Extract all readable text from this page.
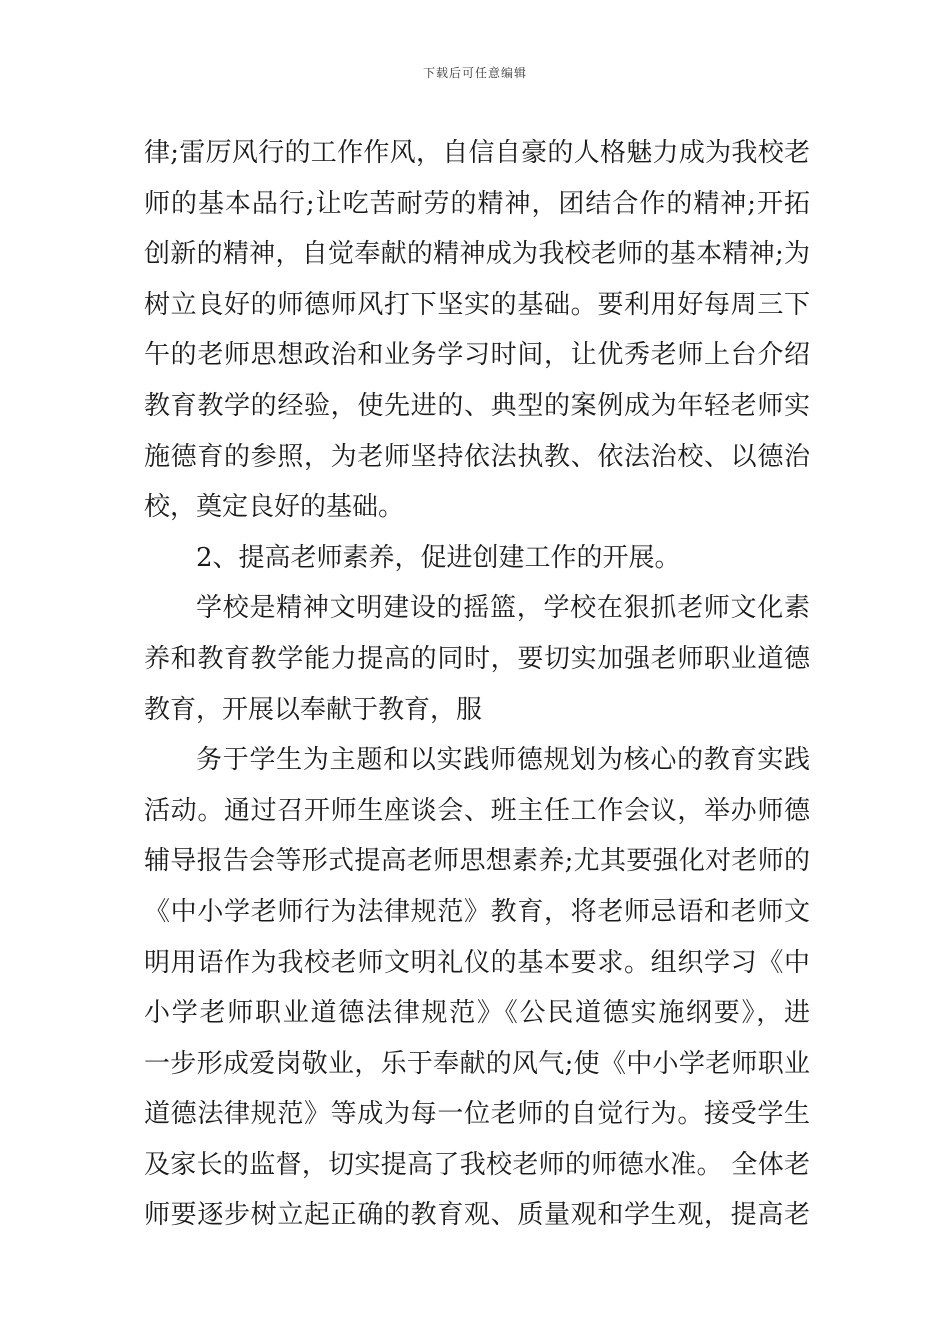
下载后可任意编辑
律;雷厉风行的工作作风，自信自豪的人格魅力成为我校老
师的基本品行;让吃苦耐劳的精神，团结合作的精神;开拓
创新的精神，自觉奉献的精神成为我校老师的基本精神;为
树立良好的师德师风打下坚实的基础。要利用好每周三下
午的老师思想政治和业务学习时间，让优秀老师上台介绍
教育教学的经验，使先进的、典型的案例成为年轻老师实
施德育的参照，为老师坚持依法执教、依法治校、以德治
校，奠定良好的基础。
2、提高老师素养，促进创建工作的开展。
学校是精神文明建设的摇篮，学校在狠抓老师文化素
养和教育教学能力提高的同时，要切实加强老师职业道德
教育，开展以奉献于教育，服
务于学生为主题和以实践师德规划为核心的教育实践
活动。通过召开师生座谈会、班主任工作会议，举办师德
辅导报告会等形式提高老师思想素养;尤其要强化对老师的
《中小学老师行为法律规范》教育，将老师忌语和老师文
明用语作为我校老师文明礼仪的基本要求。组织学习《中
小学老师职业道德法律规范》《公民道德实施纲要》，进
一步形成爱岗敬业，乐于奉献的风气;使《中小学老师职业
道德法律规范》等成为每一位老师的自觉行为。接受学生
及家长的监督，切实提高了我校老师的师德水准。 全体老
师要逐步树立起正确的教育观、质量观和学生观，提高老
